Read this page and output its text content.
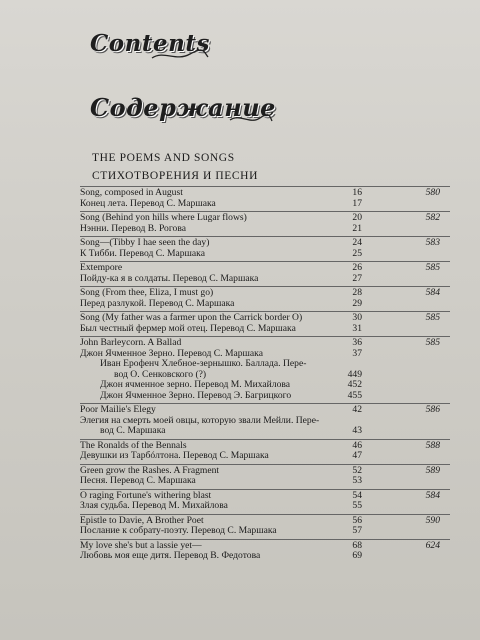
Contents
Содержание
THE POEMS AND SONGS
СТИХОТВОРЕНИЯ И ПЕСНИ
Song, composed in August	16	580
Конец лета. Перевод С. Маршака	17
Song (Behind yon hills where Lugar flows)	20	582
Нэнни. Перевод В. Рогова	21
Song—(Tibby I hae seen the day)	24	583
К Тибби. Перевод С. Маршака	25
Extempore	26	585
Пойду-ка я в солдаты. Перевод С. Маршака	27
Song (From thee, Eliza, I must go)	28	584
Перед разлукой. Перевод С. Маршака	29
Song (My father was a farmer upon the Carrick border O)	30	585
Был честный фермер мой отец. Перевод С. Маршака	31
John Barleycorn. A Ballad	36	585
Джон Ячменное Зерно. Перевод С. Маршака	37
Иван Ерофенч Хлебное-зернышко. Баллада. Пере-
вод О. Сенковского (?)	449
Джон ячменное зерно. Перевод М. Михайлова	452
Джон Ячменное Зерно. Перевод Э. Багрицкого	455
Poor Mailie's Elegy	42	586
Элегия на смерть моей овцы, которую звали Мейли. Пере-
вод С. Маршака	43
The Ronalds of the Bennals	46	588
Девушки из Тарбóлтона. Перевод С. Маршака	47
Green grow the Rashes. A Fragment	52	589
Песня. Перевод С. Маршака	53
O raging Fortune's withering blast	54	584
Злая судьба. Перевод М. Михайлова	55
Epistle to Davie, A Brother Poet	56	590
Послание к собрату-поэту. Перевод С. Маршака	57
My love she's but a lassie yet—	68	624
Любовь моя еще дитя. Перевод В. Федотова	69
